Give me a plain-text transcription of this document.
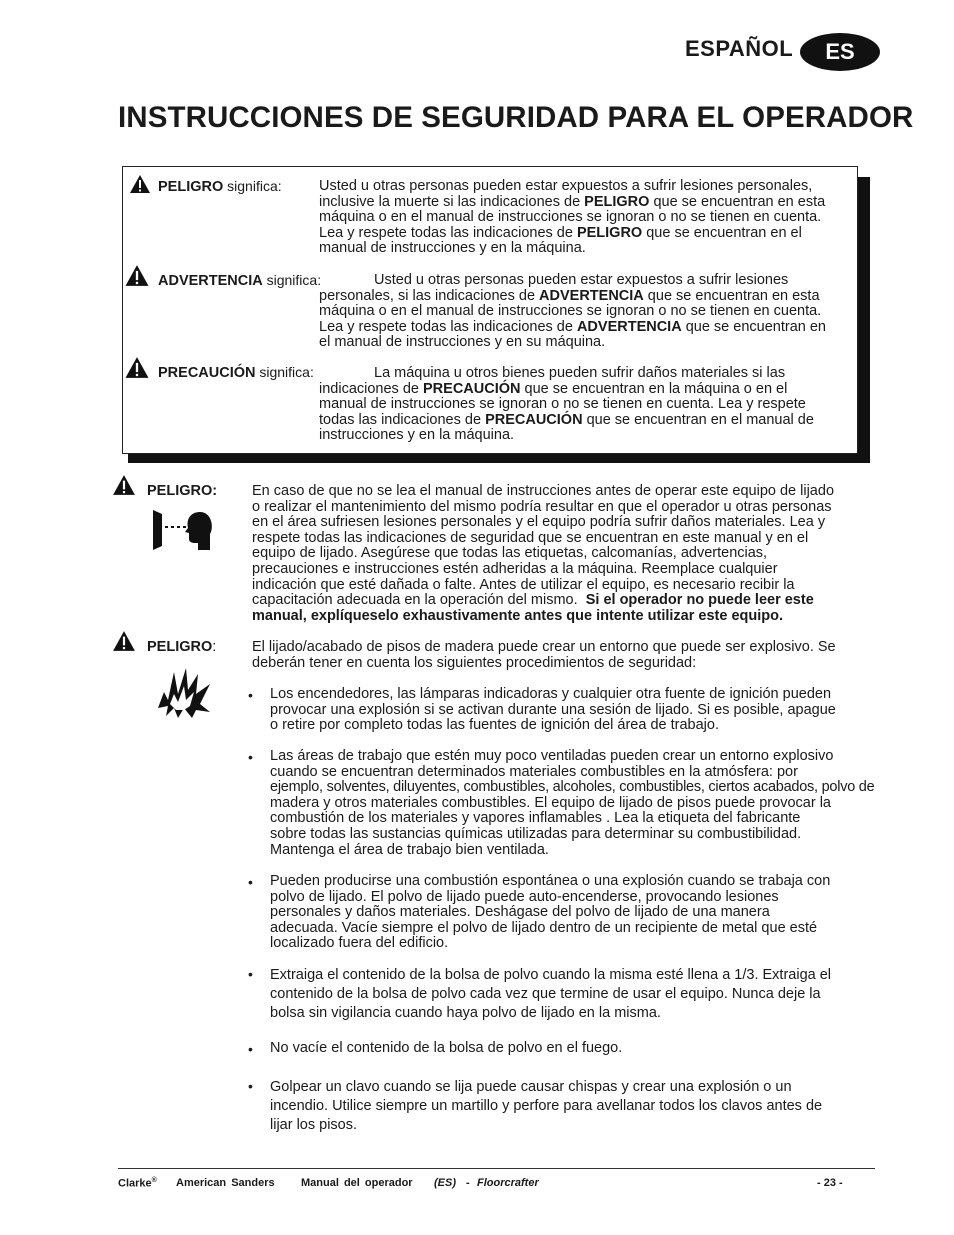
ESPAÑOL	ES
INSTRUCCIONES DE SEGURIDAD PARA EL OPERADOR
PELIGRO significa:	Usted u otras personas pueden estar expuestos a sufrir lesiones personales,
inclusive la muerte si las indicaciones de PELIGRO que se encuentran en esta
máquina o en el manual de instrucciones se ignoran o no se tienen en cuenta.
Lea y respete todas las indicaciones de PELIGRO que se encuentran en el
manual de instrucciones y en la máquina.
ADVERTENCIA significa:	Usted u otras personas pueden estar expuestos a sufrir lesiones
personales, si las indicaciones de ADVERTENCIA que se encuentran en esta
máquina o en el manual de instrucciones se ignoran o no se tienen en cuenta.
Lea y respete todas las indicaciones de ADVERTENCIA que se encuentran en
el manual de instrucciones y en su máquina.
PRECAUCIÓN significa:	La máquina u otros bienes pueden sufrir daños materiales si las
indicaciones de PRECAUCIÓN que se encuentran en la máquina o en el
manual de instrucciones se ignoran o no se tienen en cuenta. Lea y respete
todas las indicaciones de PRECAUCIÓN que se encuentran en el manual de
instrucciones y en la máquina.
PELIGRO: En caso de que no se lea el manual de instrucciones antes de operar este equipo de lijado
o realizar el mantenimiento del mismo podría resultar en que el operador u otras personas
en el área sufriesen lesiones personales y el equipo podría sufrir daños materiales. Lea y
respete todas las indicaciones de seguridad que se encuentran en este manual y en el
equipo de lijado. Asegúrese que todas las etiquetas, calcomanías, advertencias,
precauciones e instrucciones estén adheridas a la máquina. Reemplace cualquier
indicación que esté dañada o falte. Antes de utilizar el equipo, es necesario recibir la
capacitación adecuada en la operación del mismo. Si el operador no puede leer este
manual, explíqueselo exhaustivamente antes que intente utilizar este equipo.
PELIGRO: El lijado/acabado de pisos de madera puede crear un entorno que puede ser explosivo. Se
deberán tener en cuenta los siguientes procedimientos de seguridad:
• Los encendedores, las lámparas indicadoras y cualquier otra fuente de ignición pueden
provocar una explosión si se activan durante una sesión de lijado. Si es posible, apague
o retire por completo todas las fuentes de ignición del área de trabajo.
• Las áreas de trabajo que estén muy poco ventiladas pueden crear un entorno explosivo
cuando se encuentran determinados materiales combustibles en la atmósfera: por
ejemplo, solventes, diluyentes, combustibles, alcoholes, combustibles, ciertos acabados, polvo de
madera y otros materiales combustibles. El equipo de lijado de pisos puede provocar la
combustión de los materiales y vapores inflamables . Lea la etiqueta del fabricante
sobre todas las sustancias químicas utilizadas para determinar su combustibilidad.
Mantenga el área de trabajo bien ventilada.
• Pueden producirse una combustión espontánea o una explosión cuando se trabaja con
polvo de lijado. El polvo de lijado puede auto-encenderse, provocando lesiones
personales y daños materiales. Deshágase del polvo de lijado de una manera
adecuada. Vacíe siempre el polvo de lijado dentro de un recipiente de metal que esté
localizado fuera del edificio.
• Extraiga el contenido de la bolsa de polvo cuando la misma esté llena a 1/3. Extraiga el
contenido de la bolsa de polvo cada vez que termine de usar el equipo. Nunca deje la
bolsa sin vigilancia cuando haya polvo de lijado en la misma.
• No vacíe el contenido de la bolsa de polvo en el fuego.
• Golpear un clavo cuando se lija puede causar chispas y crear una explosión o un
incendio. Utilice siempre un martillo y perfore para avellanar todos los clavos antes de
lijar los pisos.
Clarke® American Sanders Manual del operador (ES) - Floorcrafter	- 23 -
